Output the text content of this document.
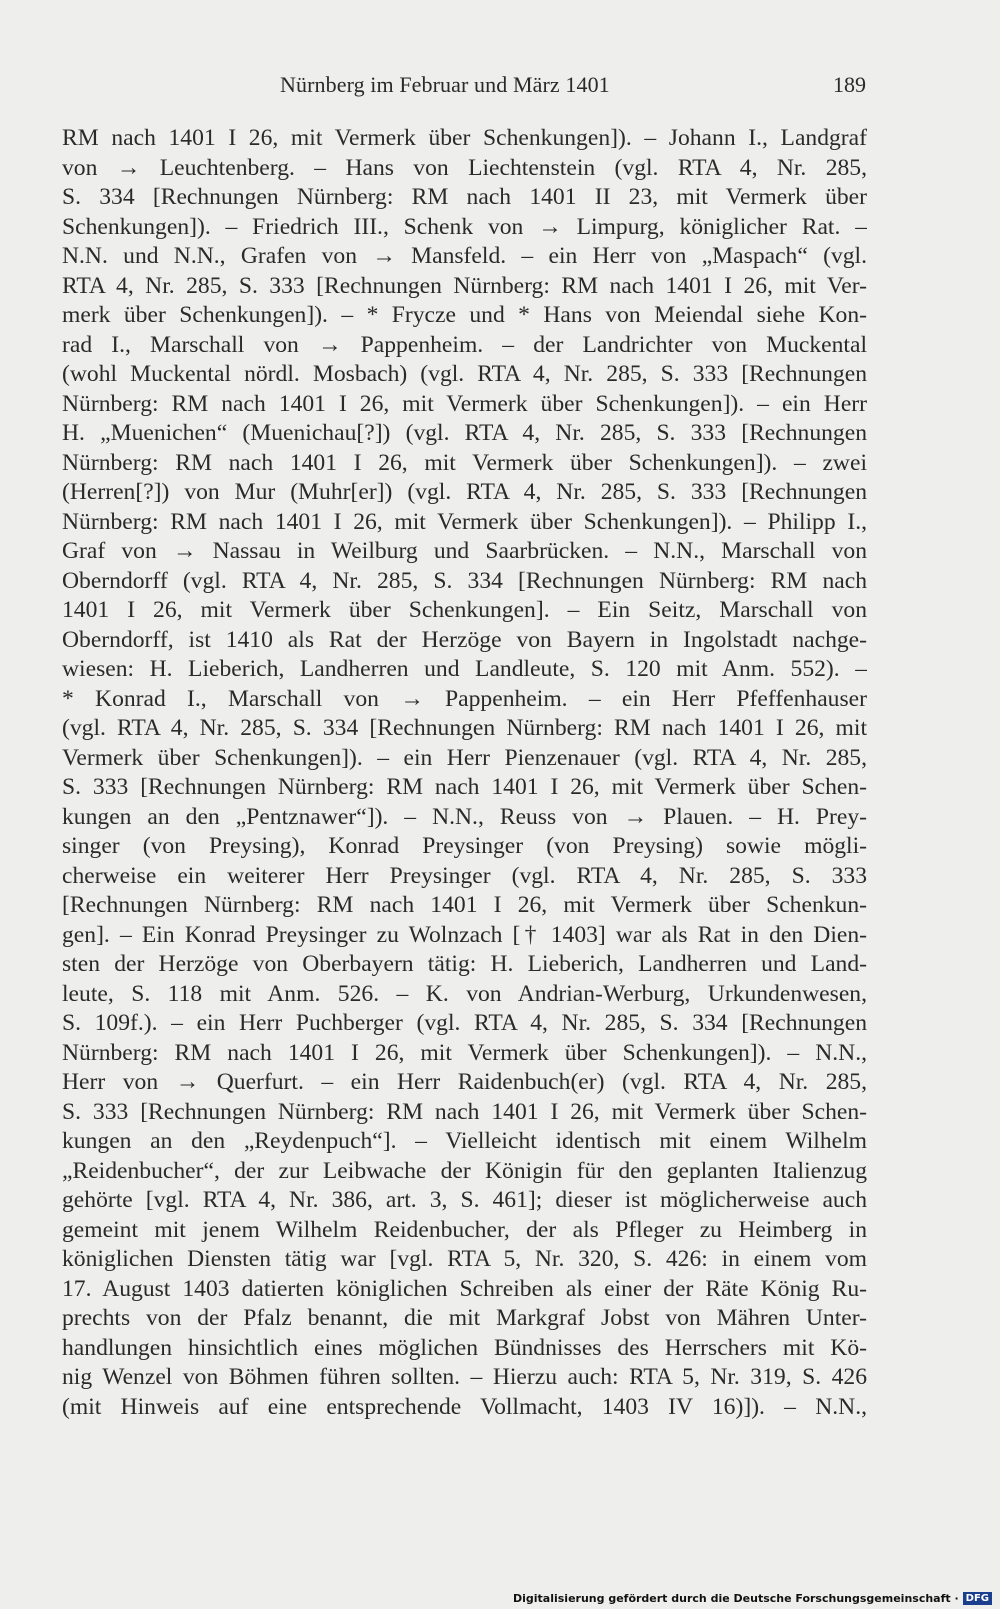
Nürnberg im Februar und März 1401	189
RM nach 1401 I 26, mit Vermerk über Schenkungen]). – Johann I., Landgraf
von → Leuchtenberg. – Hans von Liechtenstein (vgl. RTA 4, Nr. 285,
S. 334 [Rechnungen Nürnberg: RM nach 1401 II 23, mit Vermerk über
Schenkungen]). – Friedrich III., Schenk von → Limpurg, königlicher Rat. –
N.N. und N.N., Grafen von → Mansfeld. – ein Herr von „Maspach“ (vgl.
RTA 4, Nr. 285, S. 333 [Rechnungen Nürnberg: RM nach 1401 I 26, mit Ver-
merk über Schenkungen]). – * Frycze und * Hans von Meiendal siehe Kon-
rad I., Marschall von → Pappenheim. – der Landrichter von Muckental
(wohl Muckental nördl. Mosbach) (vgl. RTA 4, Nr. 285, S. 333 [Rechnungen
Nürnberg: RM nach 1401 I 26, mit Vermerk über Schenkungen]). – ein Herr
H. „Muenichen“ (Muenichau[?]) (vgl. RTA 4, Nr. 285, S. 333 [Rechnungen
Nürnberg: RM nach 1401 I 26, mit Vermerk über Schenkungen]). – zwei
(Herren[?]) von Mur (Muhr[er]) (vgl. RTA 4, Nr. 285, S. 333 [Rechnungen
Nürnberg: RM nach 1401 I 26, mit Vermerk über Schenkungen]). – Philipp I.,
Graf von → Nassau in Weilburg und Saarbrücken. – N.N., Marschall von
Oberndorff (vgl. RTA 4, Nr. 285, S. 334 [Rechnungen Nürnberg: RM nach
1401 I 26, mit Vermerk über Schenkungen]. – Ein Seitz, Marschall von
Oberndorff, ist 1410 als Rat der Herzöge von Bayern in Ingolstadt nachge-
wiesen: H. Lieberich, Landherren und Landleute, S. 120 mit Anm. 552). –
* Konrad I., Marschall von → Pappenheim. – ein Herr Pfeffenhauser
(vgl. RTA 4, Nr. 285, S. 334 [Rechnungen Nürnberg: RM nach 1401 I 26, mit
Vermerk über Schenkungen]). – ein Herr Pienzenauer (vgl. RTA 4, Nr. 285,
S. 333 [Rechnungen Nürnberg: RM nach 1401 I 26, mit Vermerk über Schen-
kungen an den „Pentznawer“]). – N.N., Reuss von → Plauen. – H. Prey-
singer (von Preysing), Konrad Preysinger (von Preysing) sowie mögli-
cherweise ein weiterer Herr Preysinger (vgl. RTA 4, Nr. 285, S. 333
[Rechnungen Nürnberg: RM nach 1401 I 26, mit Vermerk über Schenkun-
gen]. – Ein Konrad Preysinger zu Wolnzach [† 1403] war als Rat in den Dien-
sten der Herzöge von Oberbayern tätig: H. Lieberich, Landherren und Land-
leute, S. 118 mit Anm. 526. – K. von Andrian-Werburg, Urkundenwesen,
S. 109f.). – ein Herr Puchberger (vgl. RTA 4, Nr. 285, S. 334 [Rechnungen
Nürnberg: RM nach 1401 I 26, mit Vermerk über Schenkungen]). – N.N.,
Herr von → Querfurt. – ein Herr Raidenbuch(er) (vgl. RTA 4, Nr. 285,
S. 333 [Rechnungen Nürnberg: RM nach 1401 I 26, mit Vermerk über Schen-
kungen an den „Reydenpuch“]. – Vielleicht identisch mit einem Wilhelm
„Reidenbucher“, der zur Leibwache der Königin für den geplanten Italienzug
gehörte [vgl. RTA 4, Nr. 386, art. 3, S. 461]; dieser ist möglicherweise auch
gemeint mit jenem Wilhelm Reidenbucher, der als Pfleger zu Heimberg in
königlichen Diensten tätig war [vgl. RTA 5, Nr. 320, S. 426: in einem vom
17. August 1403 datierten königlichen Schreiben als einer der Räte König Ru-
prechts von der Pfalz benannt, die mit Markgraf Jobst von Mähren Unter-
handlungen hinsichtlich eines möglichen Bündnisses des Herrschers mit Kö-
nig Wenzel von Böhmen führen sollten. – Hierzu auch: RTA 5, Nr. 319, S. 426
(mit Hinweis auf eine entsprechende Vollmacht, 1403 IV 16)]). – N.N.,
Digitalisierung gefördert durch die Deutsche Forschungsgemeinschaft · DFG
